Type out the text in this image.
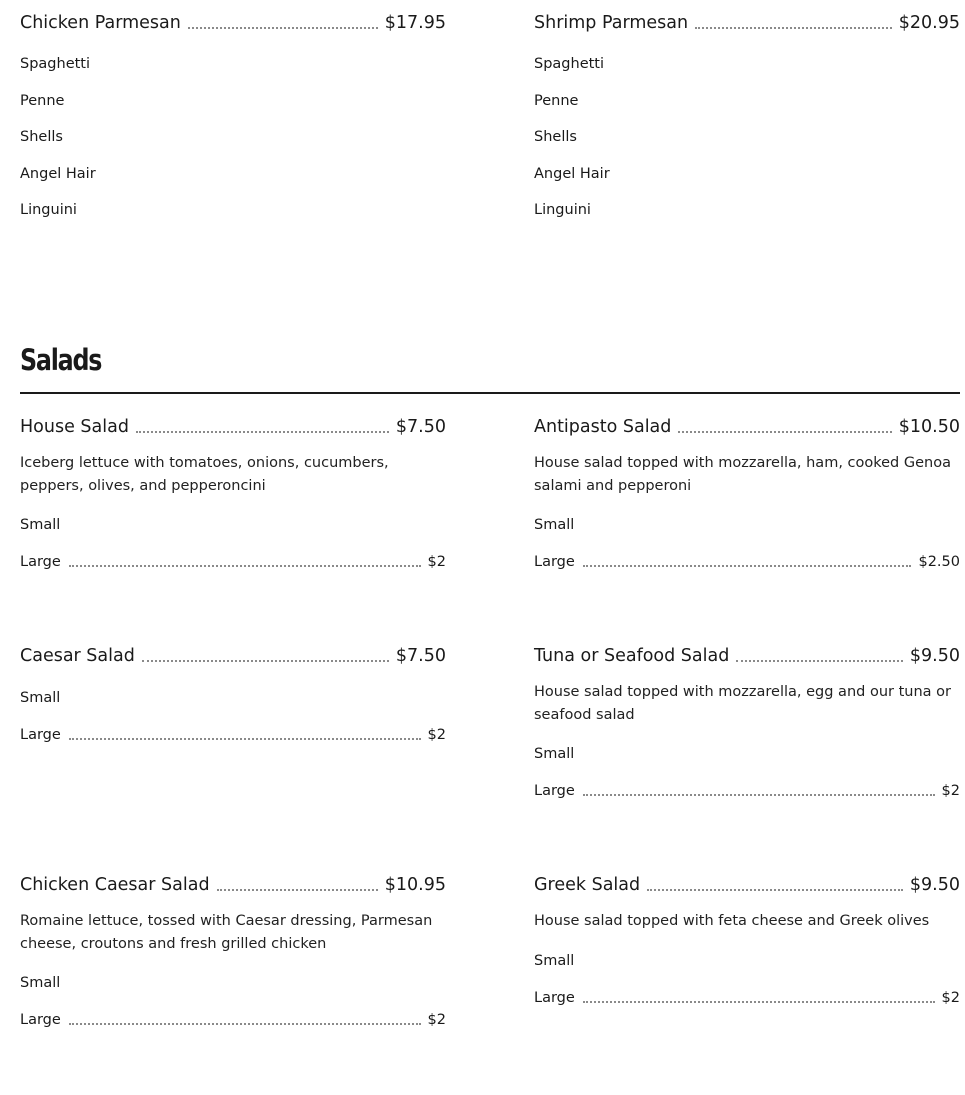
Chicken Parmesan	$17.95
Spaghetti
Penne
Shells
Angel Hair
Linguini
Shrimp Parmesan	$20.95
Spaghetti
Penne
Shells
Angel Hair
Linguini
Salads
House Salad	$7.50
Iceberg lettuce with tomatoes, onions, cucumbers, peppers, olives, and pepperoncini
Small
Large	$2
Antipasto Salad	$10.50
House salad topped with mozzarella, ham, cooked Genoa salami and pepperoni
Small
Large	$2.50
Caesar Salad	$7.50
Small
Large	$2
Tuna or Seafood Salad	$9.50
House salad topped with mozzarella, egg and our tuna or seafood salad
Small
Large	$2
Chicken Caesar Salad	$10.95
Romaine lettuce, tossed with Caesar dressing, Parmesan cheese, croutons and fresh grilled chicken
Small
Large	$2
Greek Salad	$9.50
House salad topped with feta cheese and Greek olives
Small
Large	$2
